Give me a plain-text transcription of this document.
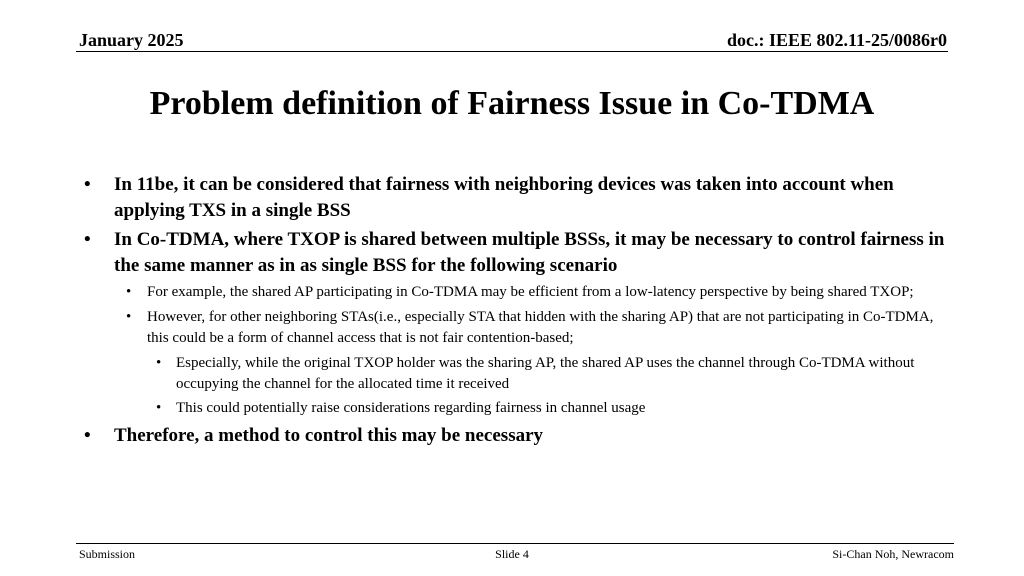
January 2025	doc.: IEEE 802.11-25/0086r0
Problem definition of Fairness Issue in Co-TDMA
• In 11be, it can be considered that fairness with neighboring devices was taken into account when applying TXS in a single BSS
• In Co-TDMA, where TXOP is shared between multiple BSSs, it may be necessary to control fairness in the same manner as in as single BSS for the following scenario
• For example, the shared AP participating in Co-TDMA may be efficient from a low-latency perspective by being shared TXOP;
• However, for other neighboring STAs(i.e., especially STA that hidden with the sharing AP) that are not participating in Co-TDMA, this could be a form of channel access that is not fair contention-based;
• Especially, while the original TXOP holder was the sharing AP, the shared AP uses the channel through Co-TDMA without occupying the channel for the allocated time it received
• This could potentially raise considerations regarding fairness in channel usage
• Therefore, a method to control this may be necessary
Submission	Slide 4	Si-Chan Noh, Newracom
